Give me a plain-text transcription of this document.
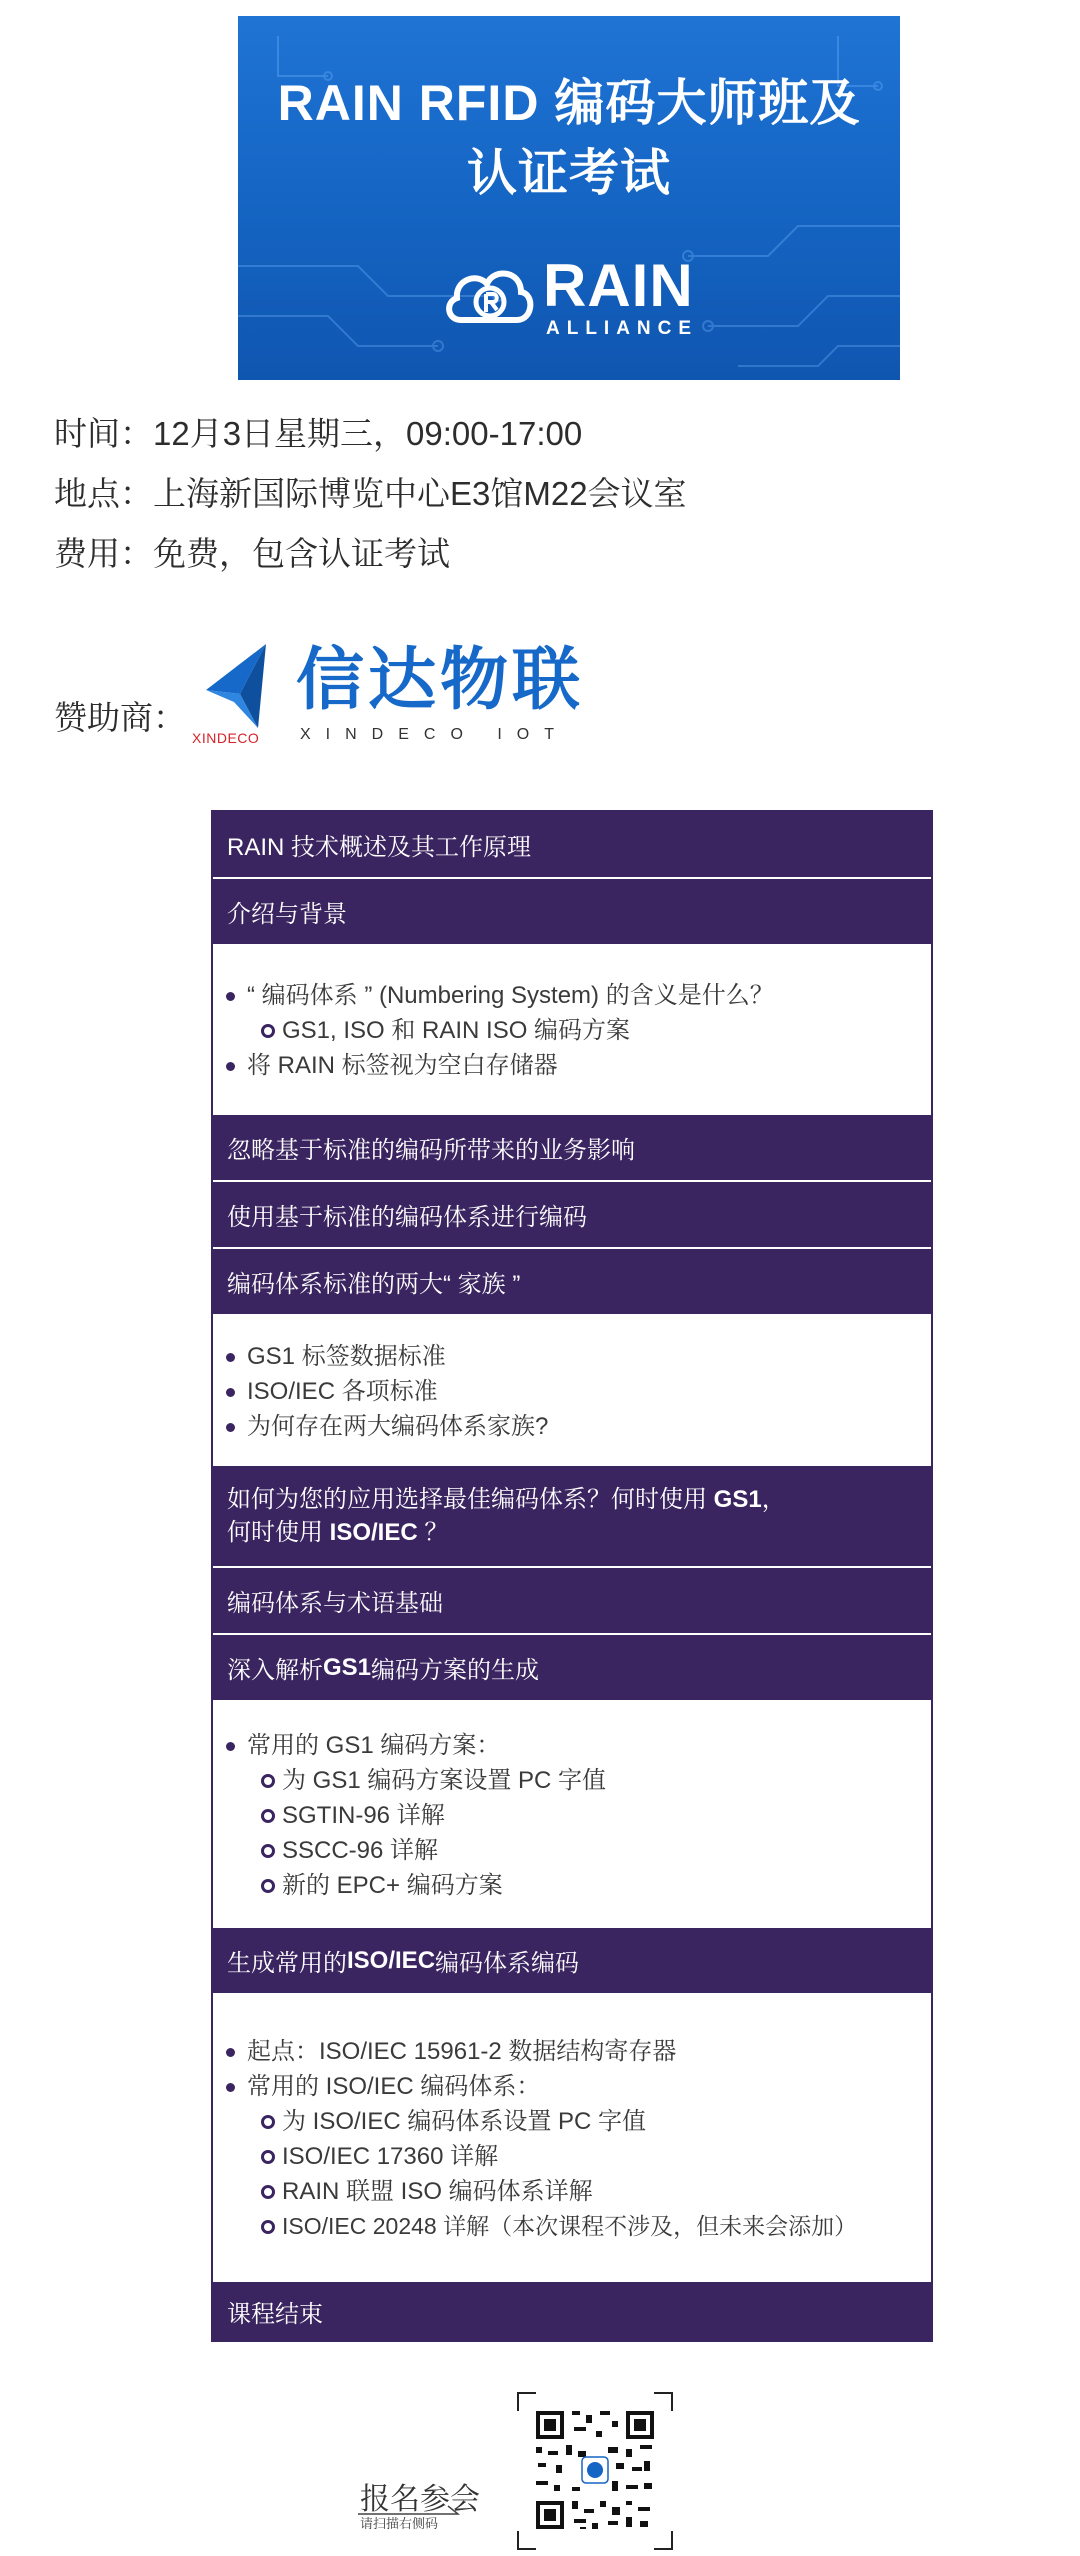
RAIN RFID 编码大师班及
认证考试
RAIN
ALLIANCE
时间：12月3日星期三，09:00-17:00
地点：上海新国际博览中心E3馆M22会议室
费用：免费，包含认证考试
赞助商：
XINDECO
信达物联
XINDECO IOT
RAIN 技术概述及其工作原理
介绍与背景
“ 编码体系 ” (Numbering System) 的含义是什么？
GS1, ISO 和 RAIN ISO 编码方案
将 RAIN 标签视为空白存储器
忽略基于标准的编码所带来的业务影响
使用基于标准的编码体系进行编码
编码体系标准的两大“ 家族 ”
GS1 标签数据标准
ISO/IEC 各项标准
为何存在两大编码体系家族?
如何为您的应用选择最佳编码体系？何时使用 GS1，
何时使用 ISO/IEC ？
编码体系与术语基础
深入解析 GS1 编码方案的生成
常用的 GS1 编码方案：
为 GS1 编码方案设置 PC 字值
SGTIN-96 详解
SSCC-96 详解
新的 EPC+ 编码方案
生成常用的 ISO/IEC 编码体系编码
起点：ISO/IEC 15961-2 数据结构寄存器
常用的 ISO/IEC 编码体系：
为 ISO/IEC 编码体系设置 PC 字值
ISO/IEC 17360 详解
RAIN 联盟 ISO 编码体系详解
ISO/IEC 20248 详解（本次课程不涉及，但未来会添加）
课程结束
报名参会
请扫描右侧码
